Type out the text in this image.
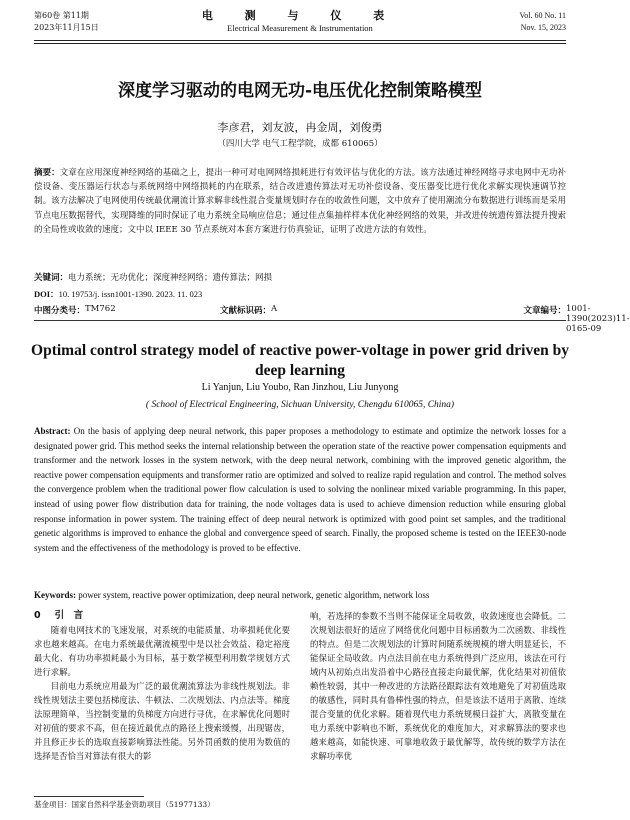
第60卷 第11期
2023年11月15日
电 测 与 仪 表
Electrical Measurement & Instrumentation
Vol. 60 No. 11
Nov. 15, 2023
深度学习驱动的电网无功-电压优化控制策略模型
李彦君，刘友波，冉金周，刘俊勇
（四川大学 电气工程学院，成都 610065）
摘要：文章在应用深度神经网络的基础之上，提出一种可对电网网络损耗进行有效评估与优化的方法。该方法通过神经网络寻求电网中无功补偿设备、变压器运行状态与系统网络中网络损耗的内在联系，结合改进遗传算法对无功补偿设备、变压器变比进行优化求解实现快速调节控制。该方法解决了电网使用传统最优潮流计算求解非线性混合变量规划时存在的收敛性问题，文中放弃了使用潮流分布数据进行训练而是采用节点电压数据替代，实现降维的同时保证了电力系统全局响应信息；通过佳点集抽样样本优化神经网络的效果，并改进传统遗传算法提升搜索的全局性或收敛的速度；文中以 IEEE 30 节点系统对本套方案进行仿真验证，证明了改进方法的有效性。
关键词：电力系统；无功优化；深度神经网络；遗传算法；网损
DOI：10. 19753/j. issn1001-1390. 2023. 11. 023
中图分类号： TM762	文献标识码： A	文章编号： 1001-1390(2023)11-0165-09
Optimal control strategy model of reactive power-voltage in power grid driven by deep learning
Li Yanjun, Liu Youbo, Ran Jinzhou, Liu Junyong
( School of Electrical Engineering, Sichuan University, Chengdu 610065, China)
Abstract: On the basis of applying deep neural network, this paper proposes a methodology to estimate and optimize the network losses for a designated power grid. This method seeks the internal relationship between the operation state of the reactive power compensation equipments and transformer and the network losses in the system network, with the deep neural network, combining with the improved genetic algorithm, the reactive power compensation equipments and transformer ratio are optimized and solved to realize rapid regulation and control. The method solves the convergence problem when the traditional power flow calculation is used to solving the nonlinear mixed variable programming. In this paper, instead of using power flow distribution data for training, the node voltages data is used to achieve dimension reduction while ensuring global response information in power system. The training effect of deep neural network is optimized with good point set samples, and the traditional genetic algorithms is improved to enhance the global and convergence speed of search. Finally, the proposed scheme is tested on the IEEE30-node system and the effectiveness of the methodology is proved to be effective.
Keywords: power system, reactive power optimization, deep neural network, genetic algorithm, network loss

0 引　言

随着电网技术的飞速发展，对系统的电能质量、功率损耗优化要求也越来越高。在电力系统最优潮流模型中是以社会效益、稳定裕度最大化、有功功率损耗最小为目标，基于数学模型利用数学规划方式进行求解。

目前电力系统应用最为广泛的最优潮流算法为非线性规划法。非线性规划法主要包括梯度法、牛顿法、二次规划法、内点法等。梯度法原理简单，当控制变量的负梯度方向进行寻优，在求解优化问题时对初值的要求不高，但在接近最优点的路径上搜索缓慢，出现锯齿，并且修正步长的选取直接影响算法性能。另外罚函数的使用为数值的选择是否恰当对算法有很大的影

响，若选择的参数不当则不能保证全局收敛，收敛速度也会降低。二次规划法很好的适应了网络优化问题中目标函数为二次函数、非线性的特点。但是二次规划法的计算时间随系统规模的增大明显延长，不能保证全局收敛。内点法目前在电力系统得到广泛应用，该法在可行域内从初始点出发沿着中心路径直接走向最优解，优化结果对初值依赖性较弱，其中一种改进的方法路径跟踪法有效地避免了对初值选取的敏感性，同时具有鲁棒性强的特点，但是该法不适用于离散、连续混合变量的优化求解。随着现代电力系统规模日益扩大，离散变量在电力系统中影响也不断，系统优化的难度加大，对求解算法的要求也越来越高，如能快速、可靠地收敛于最优解等，故传统的数学方法在求解功率优

基金项目：国家自然科学基金资助项目（51977133）
